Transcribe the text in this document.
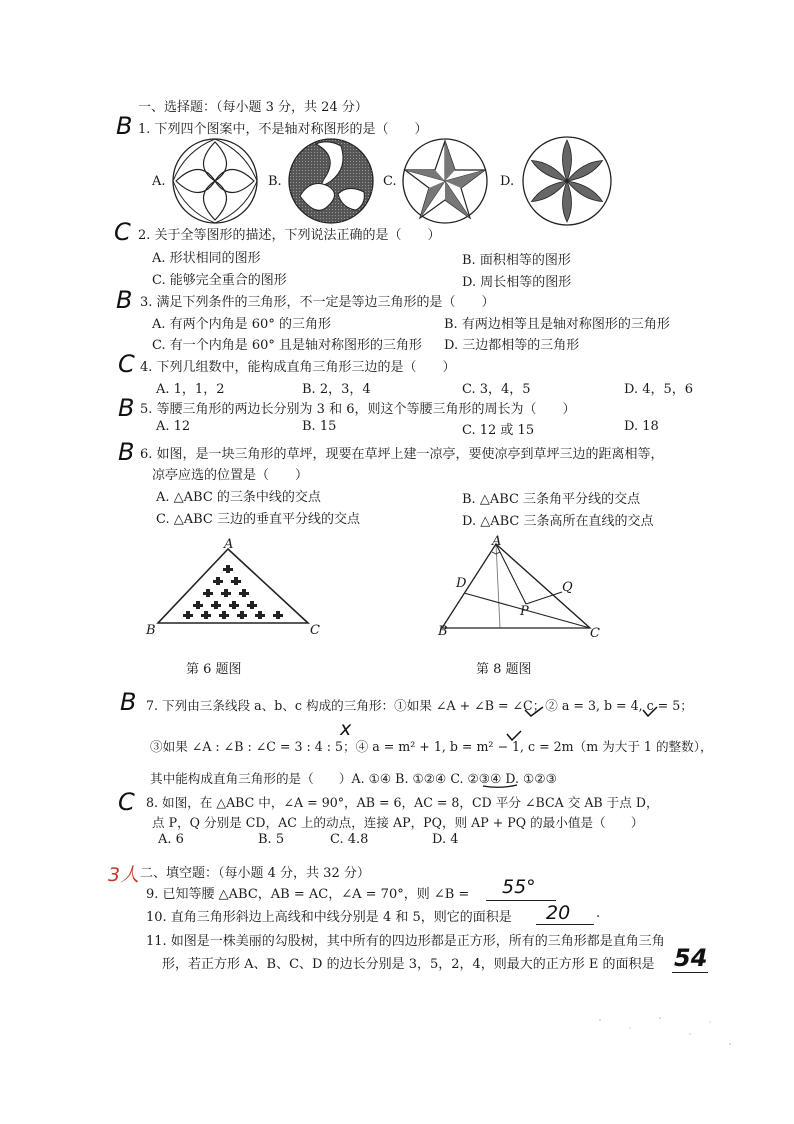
一、选择题：（每小题 3 分，共 24 分）
B 1. 下列四个图案中，不是轴对称图形的是（　　）
A.	B.	C.	D.
C 2. 关于全等图形的描述，下列说法正确的是（　　）
A. 形状相同的图形	B. 面积相等的图形
C. 能够完全重合的图形	D. 周长相等的图形
B 3. 满足下列条件的三角形，不一定是等边三角形的是（　　）
A. 有两个内角是 60° 的三角形	B. 有两边相等且是轴对称图形的三角形
C. 有一个内角是 60° 且是轴对称图形的三角形 D. 三边都相等的三角形
C 4. 下列几组数中，能构成直角三角形三边的是（　　）
A. 1，1，2	B. 2，3，4	C. 3，4，5	D. 4，5，6
B 5. 等腰三角形的两边长分别为 3 和 6，则这个等腰三角形的周长为（　　）
A. 12	B. 15	C. 12 或 15	D. 18
B 6. 如图，是一块三角形的草坪，现要在草坪上建一凉亭，要使凉亭到草坪三边的距离相等，
凉亭应选的位置是（　　）
A. △ABC 的三条中线的交点	B. △ABC 三条角平分线的交点
C. △ABC 三边的垂直平分线的交点	D. △ABC 三条高所在直线的交点
A
B	C
第 6 题图
A
B	C
D
P
Q
第 8 题图
B 7. 下列由三条线段 a、b、c 构成的三角形：①如果 ∠A + ∠B = ∠C；② a = 3, b = 4, c = 5；
x
③如果 ∠A : ∠B : ∠C = 3 : 4 : 5；④ a = m² + 1, b = m² − 1, c = 2m（m 为大于 1 的整数），
其中能构成直角三角形的是（　　）A. ①④ B. ①②④ C. ②③④ D. ①②③
C 8. 如图，在 △ABC 中，∠A = 90°，AB = 6，AC = 8，CD 平分 ∠BCA 交 AB 于点 D，
点 P，Q 分别是 CD，AC 上的动点，连接 AP，PQ，则 AP + PQ 的最小值是（　　）
A. 6	B. 5	C. 4.8	D. 4
3人 二、填空题：（每小题 4 分，共 32 分）
9. 已知等腰 △ABC，AB = AC，∠A = 70°，则 ∠B = 55°
10. 直角三角形斜边上高线和中线分别是 4 和 5，则它的面积是 20 .
11. 如图是一株美丽的勾股树，其中所有的四边形都是正方形，所有的三角形都是直角三角
形，若正方形 A、B、C、D 的边长分别是 3，5，2，4，则最大的正方形 E 的面积是 54
